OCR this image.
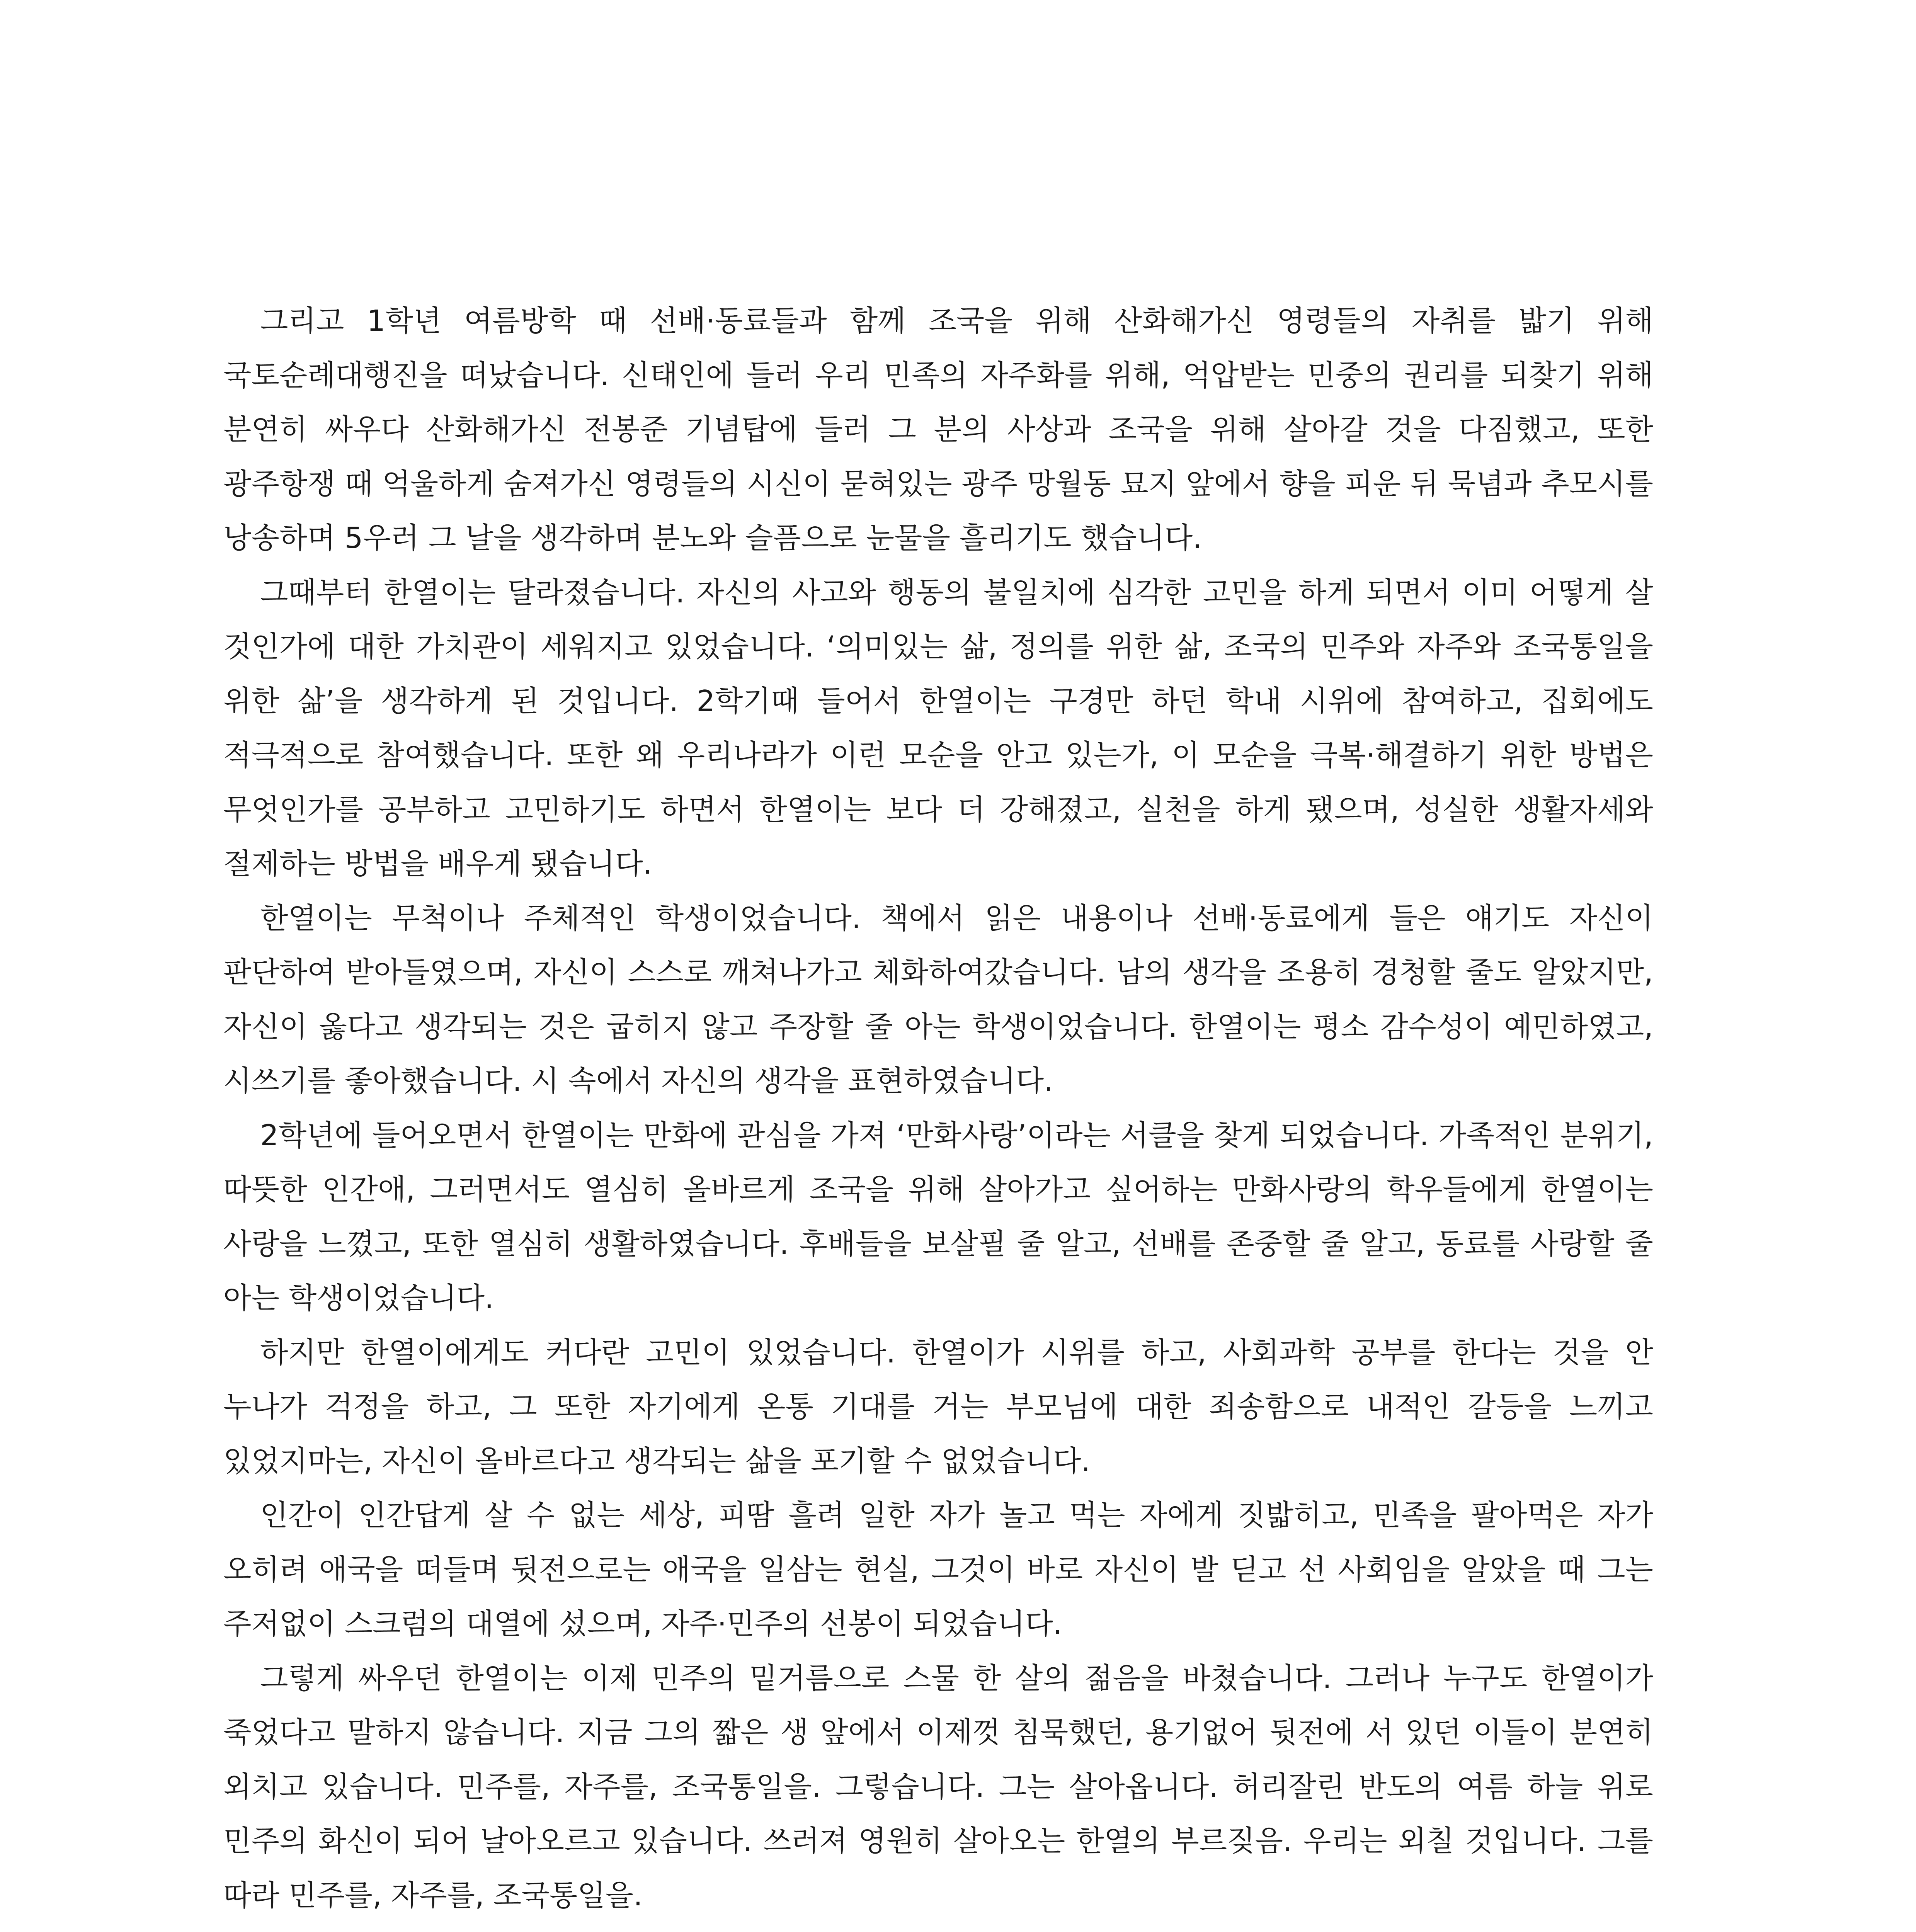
그리고 1학년 여름방학 때 선배·동료들과 함께 조국을 위해 산화해가신 영령들의 자취를 밟기 위해 국토순례대행진을 떠났습니다. 신태인에 들러 우리 민족의 자주화를 위해, 억압받는 민중의 권리를 되찾기 위해 분연히 싸우다 산화해가신 전봉준 기념탑에 들러 그 분의 사상과 조국을 위해 살아갈 것을 다짐했고, 또한 광주항쟁 때 억울하게 숨져가신 영령들의 시신이 묻혀있는 광주 망월동 묘지 앞에서 향을 피운 뒤 묵념과 추모시를 낭송하며 5우러 그 날을 생각하며 분노와 슬픔으로 눈물을 흘리기도 했습니다.

그때부터 한열이는 달라졌습니다. 자신의 사고와 행동의 불일치에 심각한 고민을 하게 되면서 이미 어떻게 살 것인가에 대한 가치관이 세워지고 있었습니다. ‘의미있는 삶, 정의를 위한 삶, 조국의 민주와 자주와 조국통일을 위한 삶’을 생각하게 된 것입니다. 2학기때 들어서 한열이는 구경만 하던 학내 시위에 참여하고, 집회에도 적극적으로 참여했습니다. 또한 왜 우리나라가 이런 모순을 안고 있는가, 이 모순을 극복·해결하기 위한 방법은 무엇인가를 공부하고 고민하기도 하면서 한열이는 보다 더 강해졌고, 실천을 하게 됐으며, 성실한 생활자세와 절제하는 방법을 배우게 됐습니다.

한열이는 무척이나 주체적인 학생이었습니다. 책에서 읽은 내용이나 선배·동료에게 들은 얘기도 자신이 판단하여 받아들였으며, 자신이 스스로 깨쳐나가고 체화하여갔습니다. 남의 생각을 조용히 경청할 줄도 알았지만, 자신이 옳다고 생각되는 것은 굽히지 않고 주장할 줄 아는 학생이었습니다. 한열이는 평소 감수성이 예민하였고, 시쓰기를 좋아했습니다. 시 속에서 자신의 생각을 표현하였습니다.

2학년에 들어오면서 한열이는 만화에 관심을 가져 ‘만화사랑’이라는 서클을 찾게 되었습니다. 가족적인 분위기, 따뜻한 인간애, 그러면서도 열심히 올바르게 조국을 위해 살아가고 싶어하는 만화사랑의 학우들에게 한열이는 사랑을 느꼈고, 또한 열심히 생활하였습니다. 후배들을 보살필 줄 알고, 선배를 존중할 줄 알고, 동료를 사랑할 줄 아는 학생이었습니다.

하지만 한열이에게도 커다란 고민이 있었습니다. 한열이가 시위를 하고, 사회과학 공부를 한다는 것을 안 누나가 걱정을 하고, 그 또한 자기에게 온통 기대를 거는 부모님에 대한 죄송함으로 내적인 갈등을 느끼고 있었지마는, 자신이 올바르다고 생각되는 삶을 포기할 수 없었습니다.

인간이 인간답게 살 수 없는 세상, 피땀 흘려 일한 자가 놀고 먹는 자에게 짓밟히고, 민족을 팔아먹은 자가 오히려 애국을 떠들며 뒷전으로는 애국을 일삼는 현실, 그것이 바로 자신이 발 딛고 선 사회임을 알았을 때 그는 주저없이 스크럼의 대열에 섰으며, 자주·민주의 선봉이 되었습니다.

그렇게 싸우던 한열이는 이제 민주의 밑거름으로 스물 한 살의 젊음을 바쳤습니다. 그러나 누구도 한열이가 죽었다고 말하지 않습니다. 지금 그의 짧은 생 앞에서 이제껏 침묵했던, 용기없어 뒷전에 서 있던 이들이 분연히 외치고 있습니다. 민주를, 자주를, 조국통일을. 그렇습니다. 그는 살아옵니다. 허리잘린 반도의 여름 하늘 위로 민주의 화신이 되어 날아오르고 있습니다. 쓰러져 영원히 살아오는 한열의 부르짖음. 우리는 외칠 것입니다. 그를 따라 민주를, 자주를, 조국통일을.
